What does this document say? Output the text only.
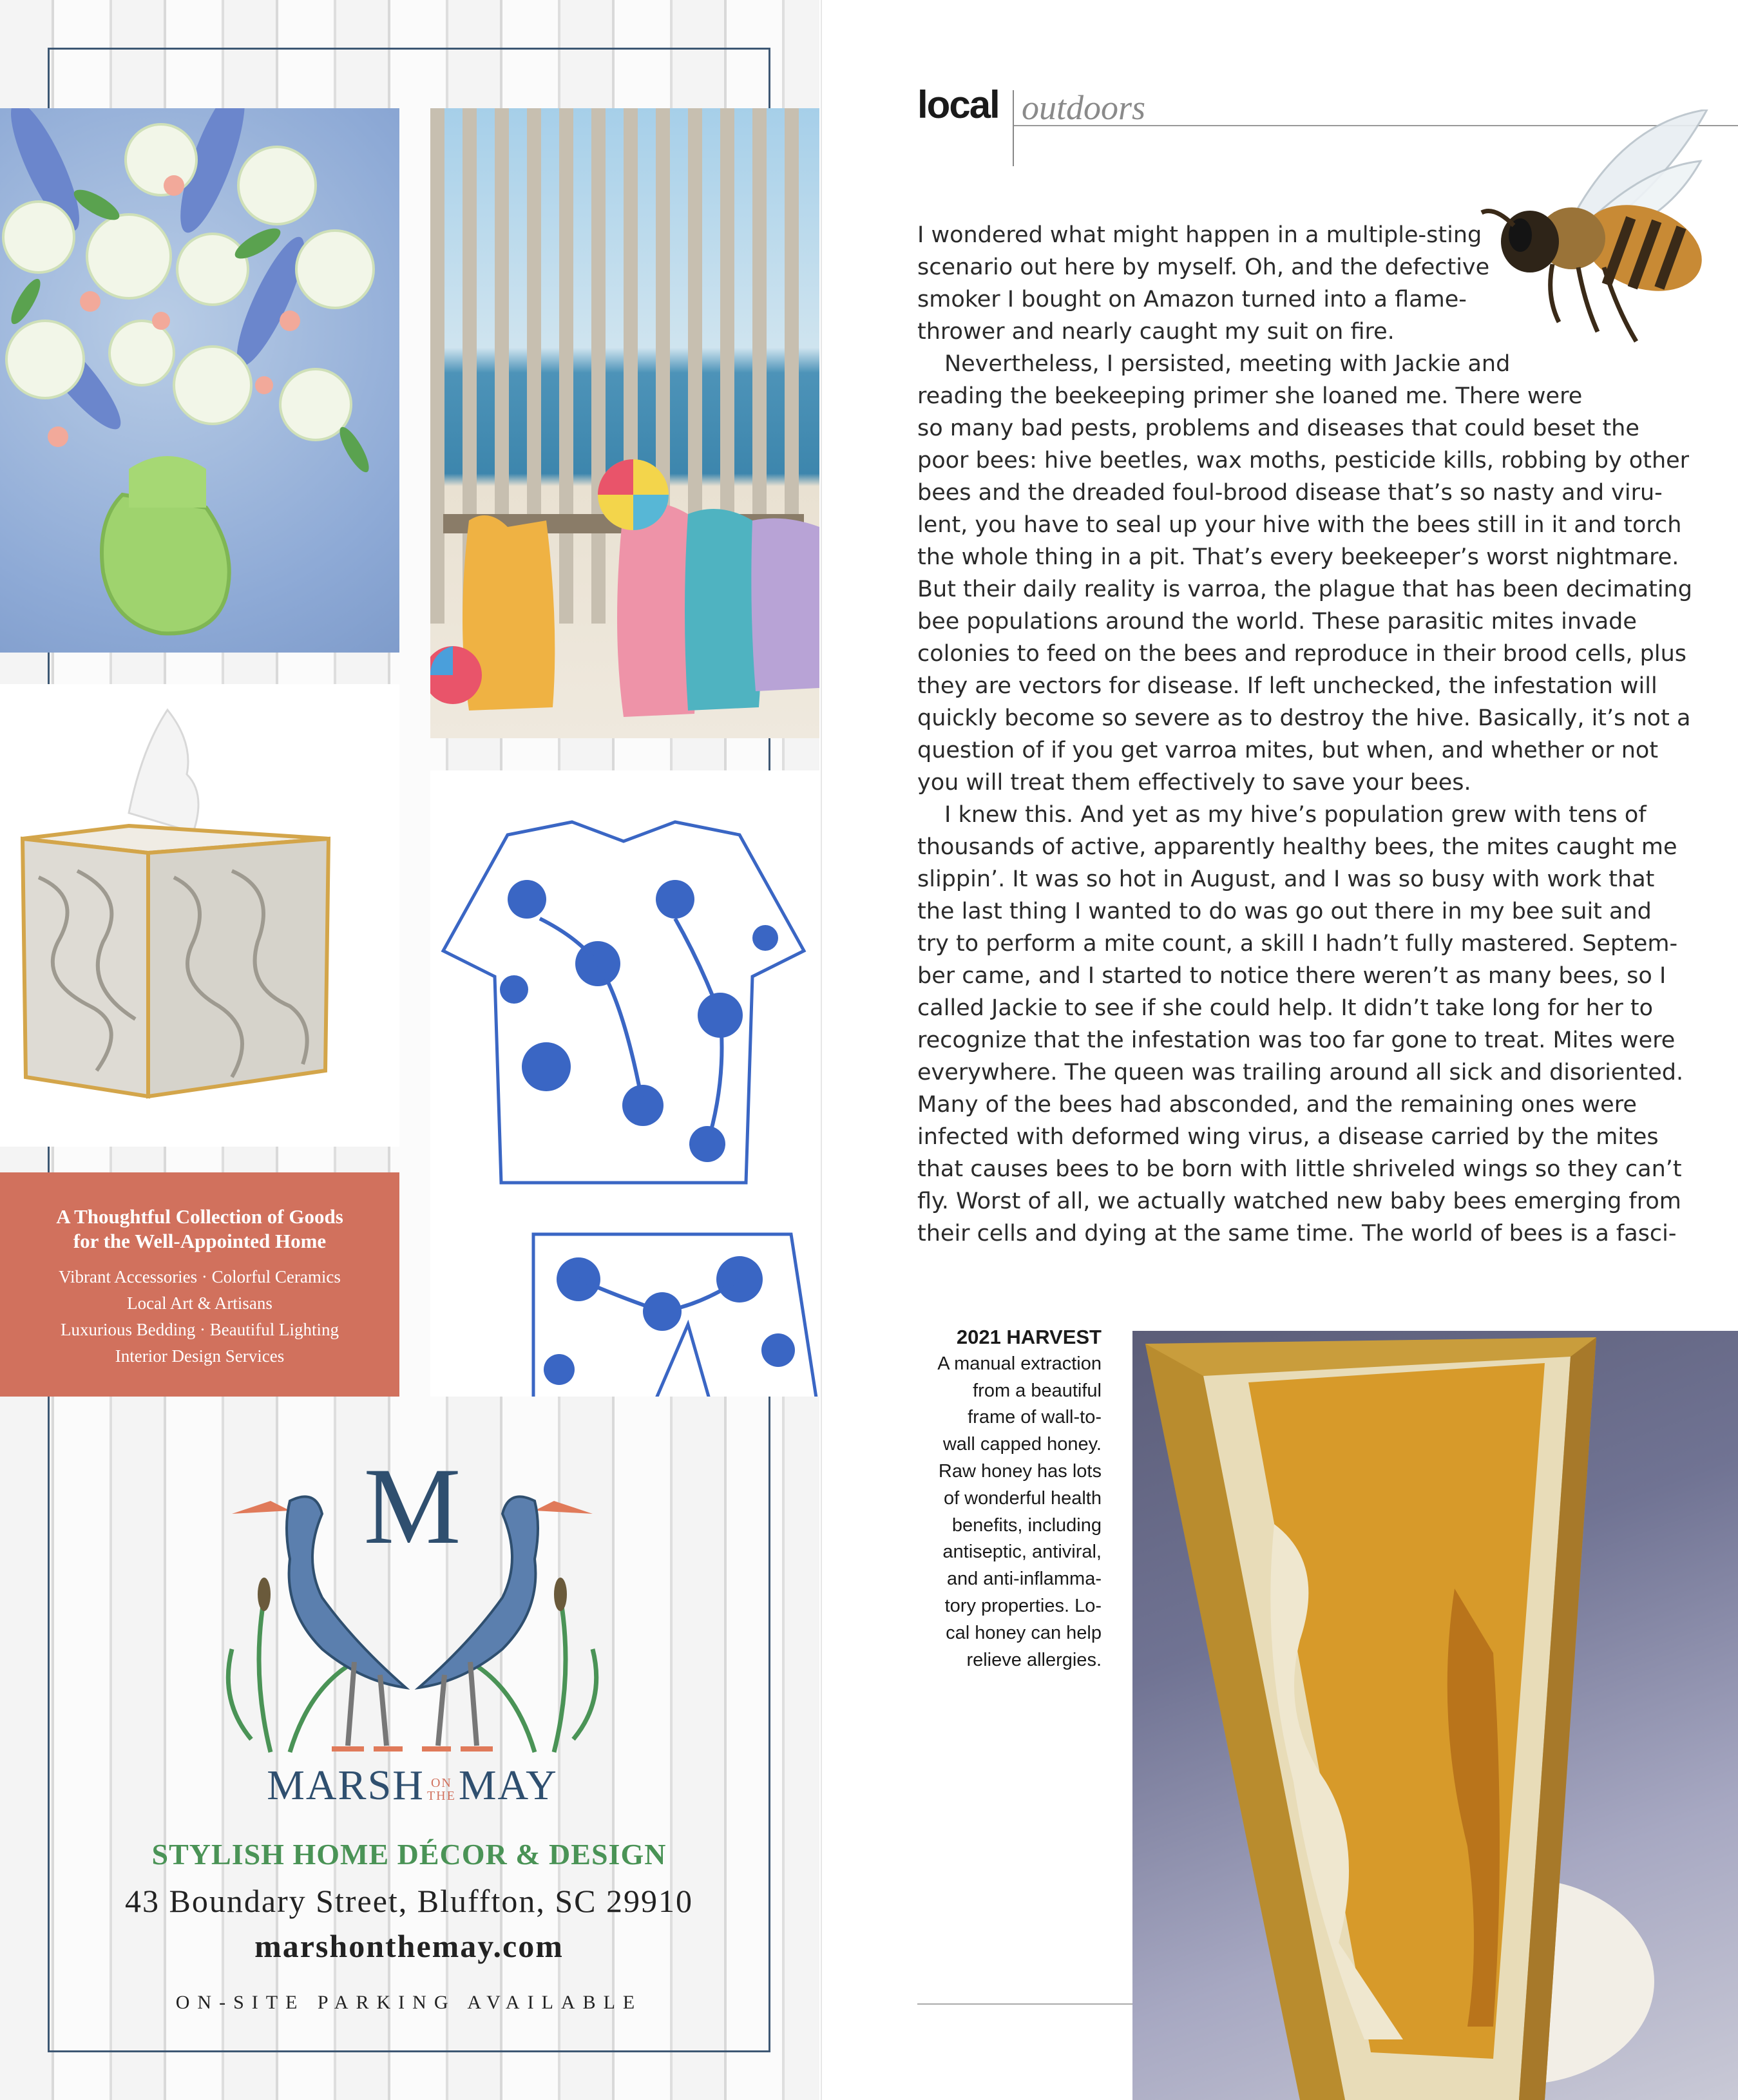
A Thoughtful Collection of Goods
for the Well-Appointed Home
Vibrant Accessories · Colorful Ceramics
Local Art & Artisans
Luxurious Bedding · Beautiful Lighting
Interior Design Services
M
MARSH ON
THEMAY
STYLISH HOME DÉCOR & DESIGN
43 Boundary Street, Bluffton, SC 29910
marshonthemay.com
ON-SITE PARKING AVAILABLE
local outdoors

I wondered what might happen in a multiple-sting
scenario out here by myself. Oh, and the defective
smoker I bought on Amazon turned into a flame-
thrower and nearly caught my suit on fire.

Nevertheless, I persisted, meeting with Jackie and
reading the beekeeping primer she loaned me. There were
so many bad pests, problems and diseases that could beset the
poor bees: hive beetles, wax moths, pesticide kills, robbing by other
bees and the dreaded foul-brood disease that’s so nasty and viru-
lent, you have to seal up your hive with the bees still in it and torch
the whole thing in a pit. That’s every beekeeper’s worst nightmare.
But their daily reality is varroa, the plague that has been decimating
bee populations around the world. These parasitic mites invade
colonies to feed on the bees and reproduce in their brood cells, plus
they are vectors for disease. If left unchecked, the infestation will
quickly become so severe as to destroy the hive. Basically, it’s not a
question of if you get varroa mites, but when, and whether or not
you will treat them effectively to save your bees.

I knew this. And yet as my hive’s population grew with tens of
thousands of active, apparently healthy bees, the mites caught me
slippin’. It was so hot in August, and I was so busy with work that
the last thing I wanted to do was go out there in my bee suit and
try to perform a mite count, a skill I hadn’t fully mastered. Septem-
ber came, and I started to notice there weren’t as many bees, so I
called Jackie to see if she could help. It didn’t take long for her to
recognize that the infestation was too far gone to treat. Mites were
everywhere. The queen was trailing around all sick and disoriented.
Many of the bees had absconded, and the remaining ones were
infected with deformed wing virus, a disease carried by the mites
that causes bees to be born with little shriveled wings so they can’t
fly. Worst of all, we actually watched new baby bees emerging from
their cells and dying at the same time. The world of bees is a fasci-

2021 HARVEST
A manual extraction
from a beautiful
frame of wall-to-
wall capped honey.
Raw honey has lots
of wonderful health
benefits, including
antiseptic, antiviral,
and anti-inflamma-
tory properties. Lo-
cal honey can help
relieve allergies.
